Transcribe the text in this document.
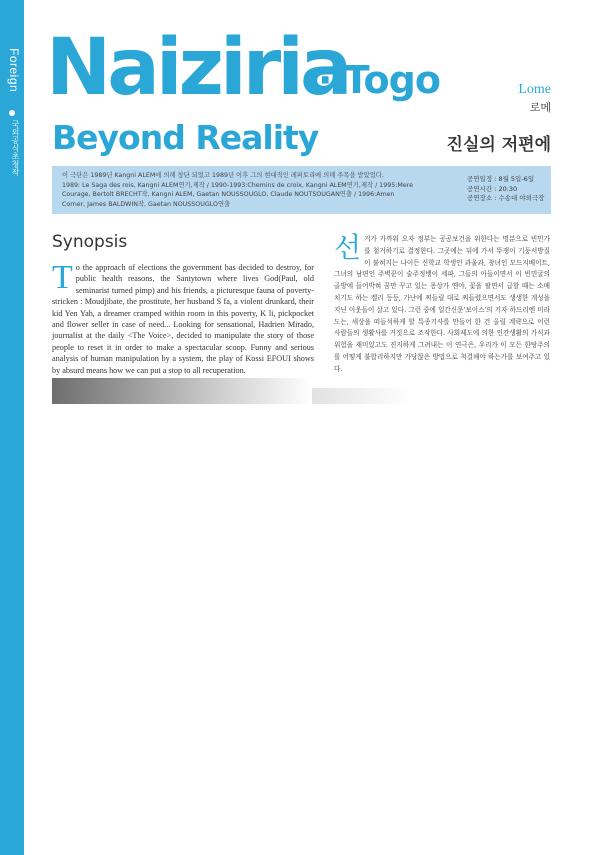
Foreign
국외공식초청작
Naiziria
· Togo
Beyond Reality
Lome
로메
진실의 저편에

이 극단은 1989년 Kangni ALEM에 의해 창단 되었고 1989년 이후 그의 현대적인 레퍼토리에 의해 주목을 받았었다.

1989: Le Saga des rois, Kangni ALEM연기,제작 / 1990-1993:Chemins de croix, Kangni ALEM연기,제작 / 1995:Mere

Courage, Bertolt BRECHT작, Kangni ALEM, Gaetan NOUSSOUGLO, Claude NOUTSOUGAN연출 / 1996:Amen

Corner, James BALDWIN작, Gaetan NOUSSOUGLO연출

공연일정 : 8월 5일-6일
공연시간 : 20:30
공연장소 : 수송대 야외극장
Synopsis
To the approach of elections the government has decided to destroy, for public health reasons, the Santytown where lives God(Paul, old seminarist turned pimp) and his friends, a picturesque fauna of poverty-stricken : Moudjibate, the prostitute, her husband S fa, a violent drunkard, their kid Yen Yah, a dreamer cramped within room in this poverty, K li, pickpocket and flower seller in case of need... Looking for sensational, Hadrien Mirado, journalist at the daily <The Voice>, decided to manipulate the story of those people to reset it in order to make a spectacular scoop. Funny and serious analysis of human manipulation by a system, the play of Kossi EFOUI shows by absurd means how we can put a stop to all recuperation.
선거가 가까워 오자 정부는 공공보건을 위한다는 명분으로 빈민가를 철거하기로 결정한다. 그곳에는 뒤에 가서 뚜쟁이 기둥서방질이 붙혀지는 나이든 신학교 학생인 과울과, 창녀인 모드지베이트, 그녀의 남편인 주벽꾼이 술주정뱅이 세파, 그들의 아들이면서 이 빈민굴의 골방에 들어박혀 꿈만 꾸고 있는 몽상가 옌야, 꽃을 팔면서 급할 때는 소매치기도 하는 켈리 등등, 가난에 찌들릴 대로 찌들렸으면서도 생생한 개성을 지닌 이웃들이 살고 있다. 그런 중에 일간신문'보이스'의 기자 하드리엔 미라도는, 세상을 떠들석하게 할 특종기사를 만들어 한 건 올릴 계략으로 이런 사람들의 생활사를 거짓으로 조작한다. 사회제도에 의한 인간생활의 가식과 위험을 재미있고도 진지하게 그려내는 이 연극은, 우리가 이 모든 한탕주의를 어떻게 불합리하지만 가당찮은 방법으로 척결해야 하는가를 보여주고 있다.
